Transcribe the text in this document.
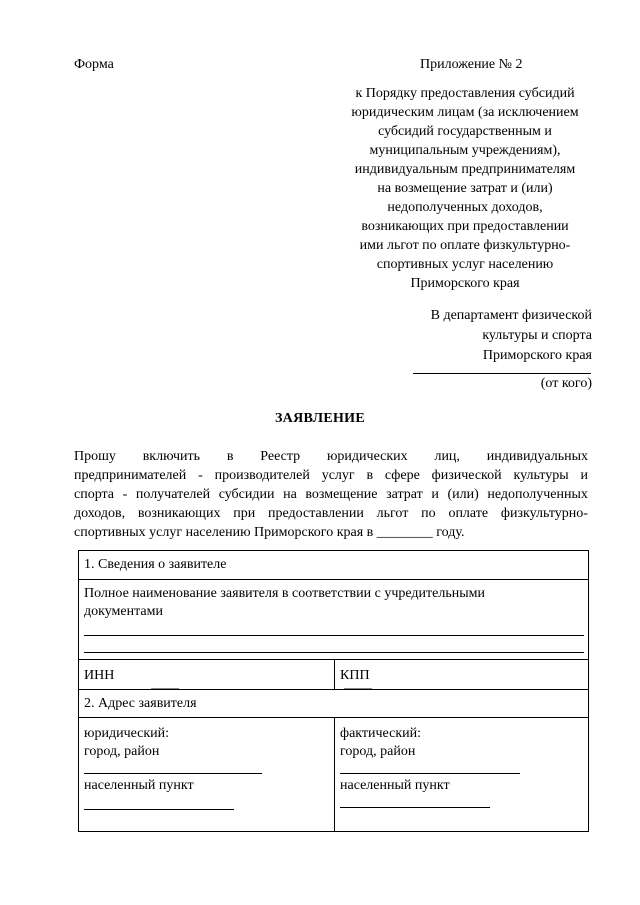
Форма	Приложение № 2
к Порядку предоставления субсидий
юридическим лицам (за исключением
субсидий государственным и
муниципальным учреждениям),
индивидуальным предпринимателям
на возмещение затрат и (или)
недополученных доходов,
возникающих при предоставлении
ими льгот по оплате физкультурно-
спортивных услуг населению
Приморского края
В департамент физической
культуры и спорта
Приморского края
(от кого)
ЗАЯВЛЕНИЕ
Прошу включить в Реестр юридических лиц, индивидуальных
предпринимателей - производителей услуг в сфере физической культуры и
спорта - получателей субсидии на возмещение затрат и (или) недополученных
доходов, возникающих при предоставлении льгот по оплате физкультурно-
спортивных услуг населению Приморского края в ________ году.
1. Сведения о заявителе
Полное наименование заявителя в соответствии с учредительными
документами
ИНН	КПП
2. Адрес заявителя
юридический:
город, район
населенный пункт
фактический:
город, район
населенный пункт
